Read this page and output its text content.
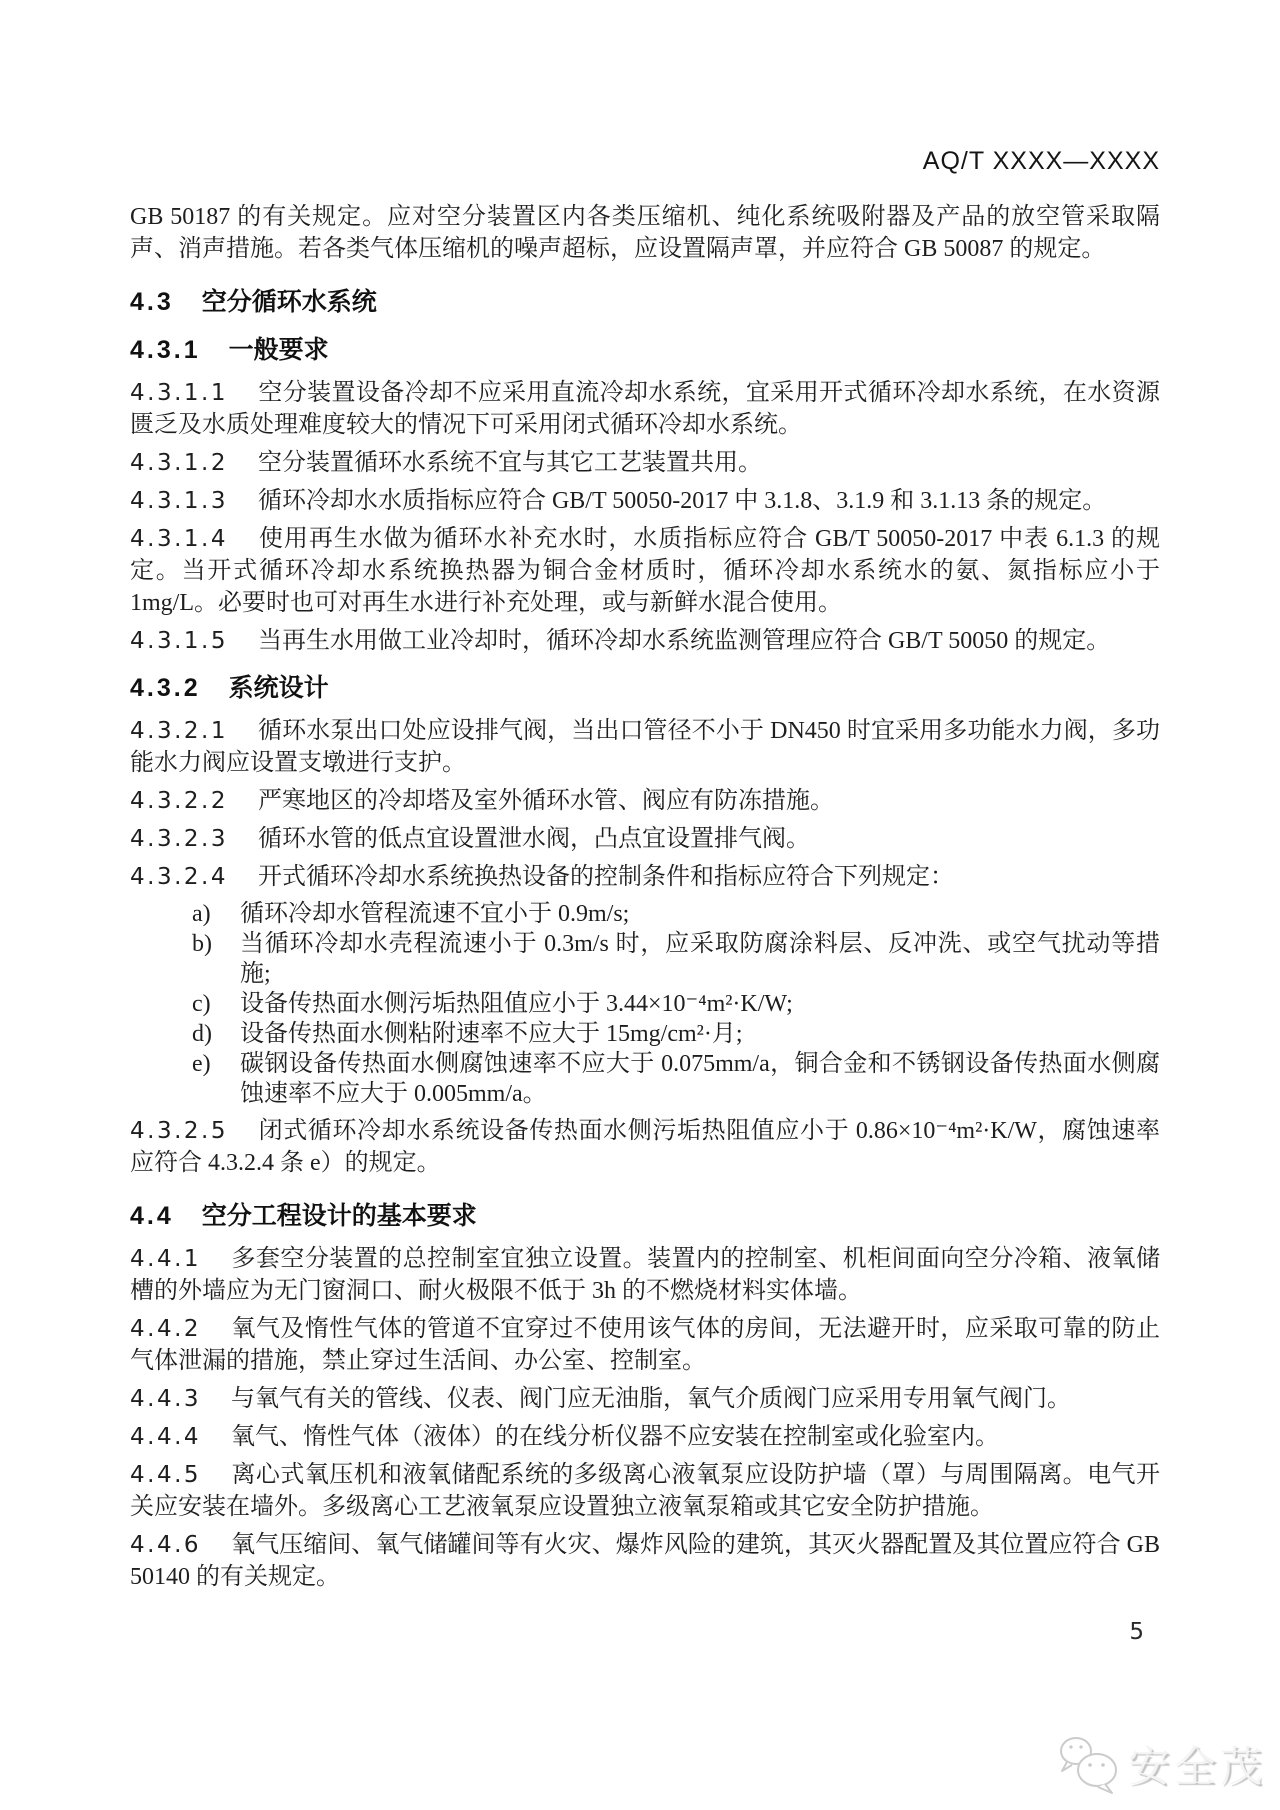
AQ/T XXXX—XXXX

GB 50187 的有关规定。应对空分装置区内各类压缩机、纯化系统吸附器及产品的放空管采取隔声、消声措施。若各类气体压缩机的噪声超标，应设置隔声罩，并应符合 GB 50087 的规定。

4.3 空分循环水系统
4.3.1 一般要求

4.3.1.1 空分装置设备冷却不应采用直流冷却水系统，宜采用开式循环冷却水系统，在水资源匮乏及水质处理难度较大的情况下可采用闭式循环冷却水系统。

4.3.1.2 空分装置循环水系统不宜与其它工艺装置共用。

4.3.1.3 循环冷却水水质指标应符合 GB/T 50050-2017 中 3.1.8、3.1.9 和 3.1.13 条的规定。

4.3.1.4 使用再生水做为循环水补充水时，水质指标应符合 GB/T 50050-2017 中表 6.1.3 的规定。当开式循环冷却水系统换热器为铜合金材质时，循环冷却水系统水的氨、氮指标应小于 1mg/L。必要时也可对再生水进行补充处理，或与新鲜水混合使用。

4.3.1.5 当再生水用做工业冷却时，循环冷却水系统监测管理应符合 GB/T 50050 的规定。

4.3.2 系统设计

4.3.2.1 循环水泵出口处应设排气阀，当出口管径不小于 DN450 时宜采用多功能水力阀，多功能水力阀应设置支墩进行支护。

4.3.2.2 严寒地区的冷却塔及室外循环水管、阀应有防冻措施。

4.3.2.3 循环水管的低点宜设置泄水阀，凸点宜设置排气阀。

4.3.2.4 开式循环冷却水系统换热设备的控制条件和指标应符合下列规定：

a)	循环冷却水管程流速不宜小于 0.9m/s;
b)	当循环冷却水壳程流速小于 0.3m/s 时，应采取防腐涂料层、反冲洗、或空气扰动等措施;
c)	设备传热面水侧污垢热阻值应小于 3.44×10⁻⁴m²·K/W;
d)	设备传热面水侧粘附速率不应大于 15mg/cm²·月;
e)	碳钢设备传热面水侧腐蚀速率不应大于 0.075mm/a，铜合金和不锈钢设备传热面水侧腐蚀速率不应大于 0.005mm/a。

4.3.2.5 闭式循环冷却水系统设备传热面水侧污垢热阻值应小于 0.86×10⁻⁴m²·K/W，腐蚀速率应符合 4.3.2.4 条 e）的规定。

4.4 空分工程设计的基本要求

4.4.1 多套空分装置的总控制室宜独立设置。装置内的控制室、机柜间面向空分冷箱、液氧储槽的外墙应为无门窗洞口、耐火极限不低于 3h 的不燃烧材料实体墙。

4.4.2 氧气及惰性气体的管道不宜穿过不使用该气体的房间，无法避开时，应采取可靠的防止气体泄漏的措施，禁止穿过生活间、办公室、控制室。

4.4.3 与氧气有关的管线、仪表、阀门应无油脂，氧气介质阀门应采用专用氧气阀门。

4.4.4 氧气、惰性气体（液体）的在线分析仪器不应安装在控制室或化验室内。

4.4.5 离心式氧压机和液氧储配系统的多级离心液氧泵应设防护墙（罩）与周围隔离。电气开关应安装在墙外。多级离心工艺液氧泵应设置独立液氧泵箱或其它安全防护措施。

4.4.6 氧气压缩间、氧气储罐间等有火灾、爆炸风险的建筑，其灭火器配置及其位置应符合 GB 50140 的有关规定。

5
安全茂
